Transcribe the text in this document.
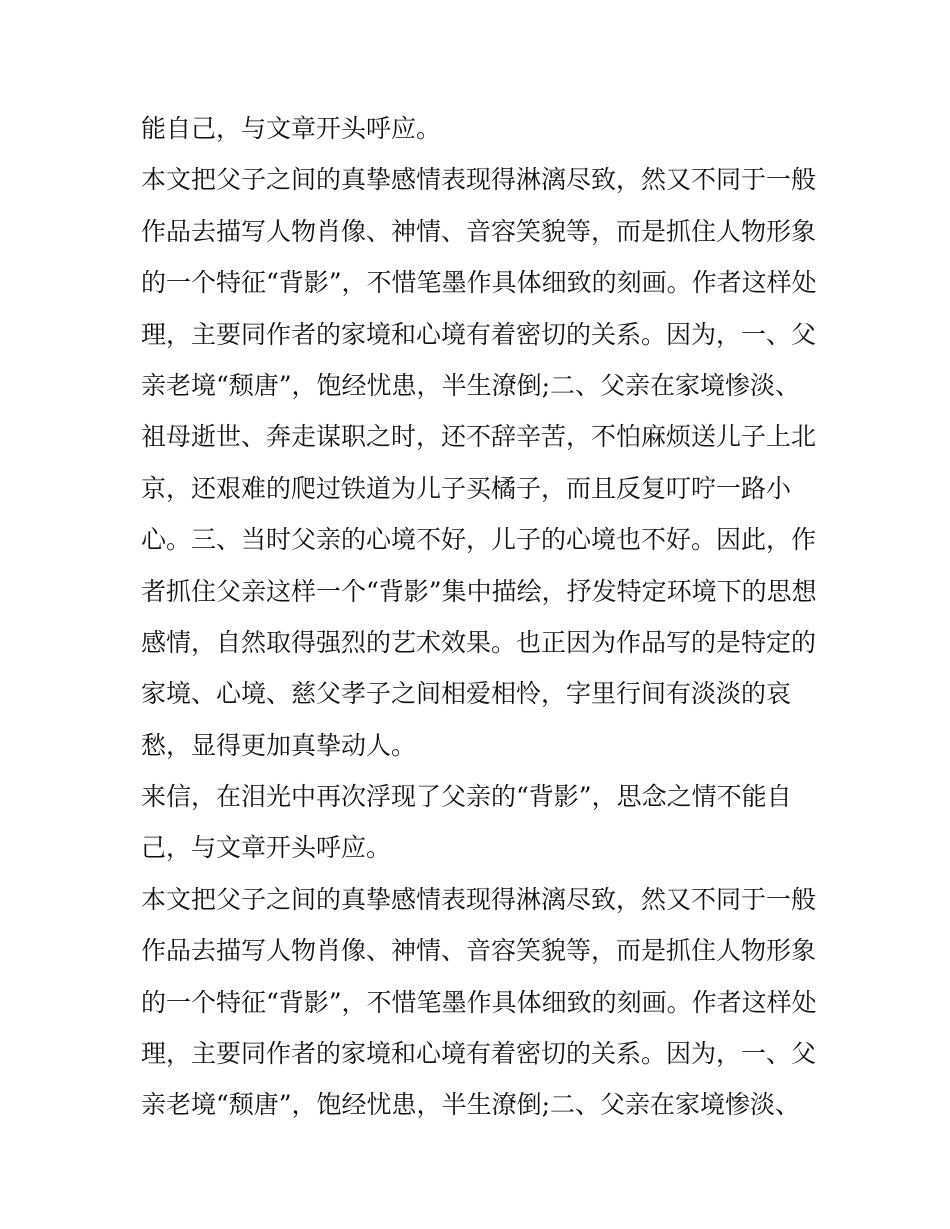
能自己，与文章开头呼应。
本文把父子之间的真挚感情表现得淋漓尽致，然又不同于一般
作品去描写人物肖像、神情、音容笑貌等，而是抓住人物形象
的一个特征“背影”，不惜笔墨作具体细致的刻画。作者这样处
理，主要同作者的家境和心境有着密切的关系。因为，一、父
亲老境“颓唐”，饱经忧患，半生潦倒;二、父亲在家境惨淡、
祖母逝世、奔走谋职之时，还不辞辛苦，不怕麻烦送儿子上北
京，还艰难的爬过铁道为儿子买橘子，而且反复叮咛一路小
心。三、当时父亲的心境不好，儿子的心境也不好。因此，作
者抓住父亲这样一个“背影”集中描绘，抒发特定环境下的思想
感情，自然取得强烈的艺术效果。也正因为作品写的是特定的
家境、心境、慈父孝子之间相爱相怜，字里行间有淡淡的哀
愁，显得更加真挚动人。
来信，在泪光中再次浮现了父亲的“背影”，思念之情不能自
己，与文章开头呼应。
本文把父子之间的真挚感情表现得淋漓尽致，然又不同于一般
作品去描写人物肖像、神情、音容笑貌等，而是抓住人物形象
的一个特征“背影”，不惜笔墨作具体细致的刻画。作者这样处
理，主要同作者的家境和心境有着密切的关系。因为，一、父
亲老境“颓唐”，饱经忧患，半生潦倒;二、父亲在家境惨淡、
